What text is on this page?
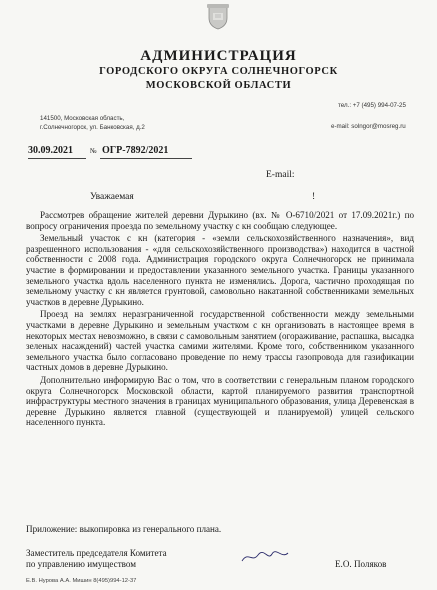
АДМИНИСТРАЦИЯ
ГОРОДСКОГО ОКРУГА СОЛНЕЧНОГОРСК
МОСКОВСКОЙ ОБЛАСТИ
141500, Московская область,
г.Солнечногорск, ул. Банковская, д.2
тел.: +7 (495) 994-07-25
e-mail: solngor@mosreg.ru
30.09.2021 № ОГР-7892/2021
E-mail:
Уважаемая	!

Рассмотрев обращение жителей деревни Дурыкино (вх. № О-6710/2021 от 17.09.2021г.) по вопросу ограничения проезда по земельному участку с кн сообщаю следующее.

Земельный участок с кн (категория - «земли сельскохозяйственного назначения», вид разрешенного использования - «для сельскохозяйственного производства») находится в частной собственности с 2008 года. Администрация городского округа Солнечногорск не принимала участие в формировании и предоставлении указанного земельного участка. Границы указанного земельного участка вдоль населенного пункта не изменялись. Дорога, частично проходящая по земельному участку с кн является грунтовой, самовольно накатанной собственниками земельных участков в деревне Дурыкино.

Проезд на землях неразграниченной государственной собственности между земельными участками в деревне Дурыкино и земельным участком с кн организовать в настоящее время в некоторых местах невозможно, в связи с самовольным занятием (огораживание, распашка, высадка зеленых насаждений) частей участка самими жителями. Кроме того, собственником указанного земельного участка было согласовано проведение по нему трассы газопровода для газификации частных домов в деревне Дурыкино.

Дополнительно информирую Вас о том, что в соответствии с генеральным планом городского округа Солнечногорск Московской области, картой планируемого развития транспортной инфраструктуры местного значения в границах муниципального образования, улица Деревенская в деревне Дурыкино является главной (существующей и планируемой) улицей сельского населенного пункта.

Приложение: выкопировка из генерального плана.
Заместитель председателя Комитета
по управлению имуществом	Е.О. Поляков
Е.В. Нурова А.А. Мишин 8(495)994-12-37
